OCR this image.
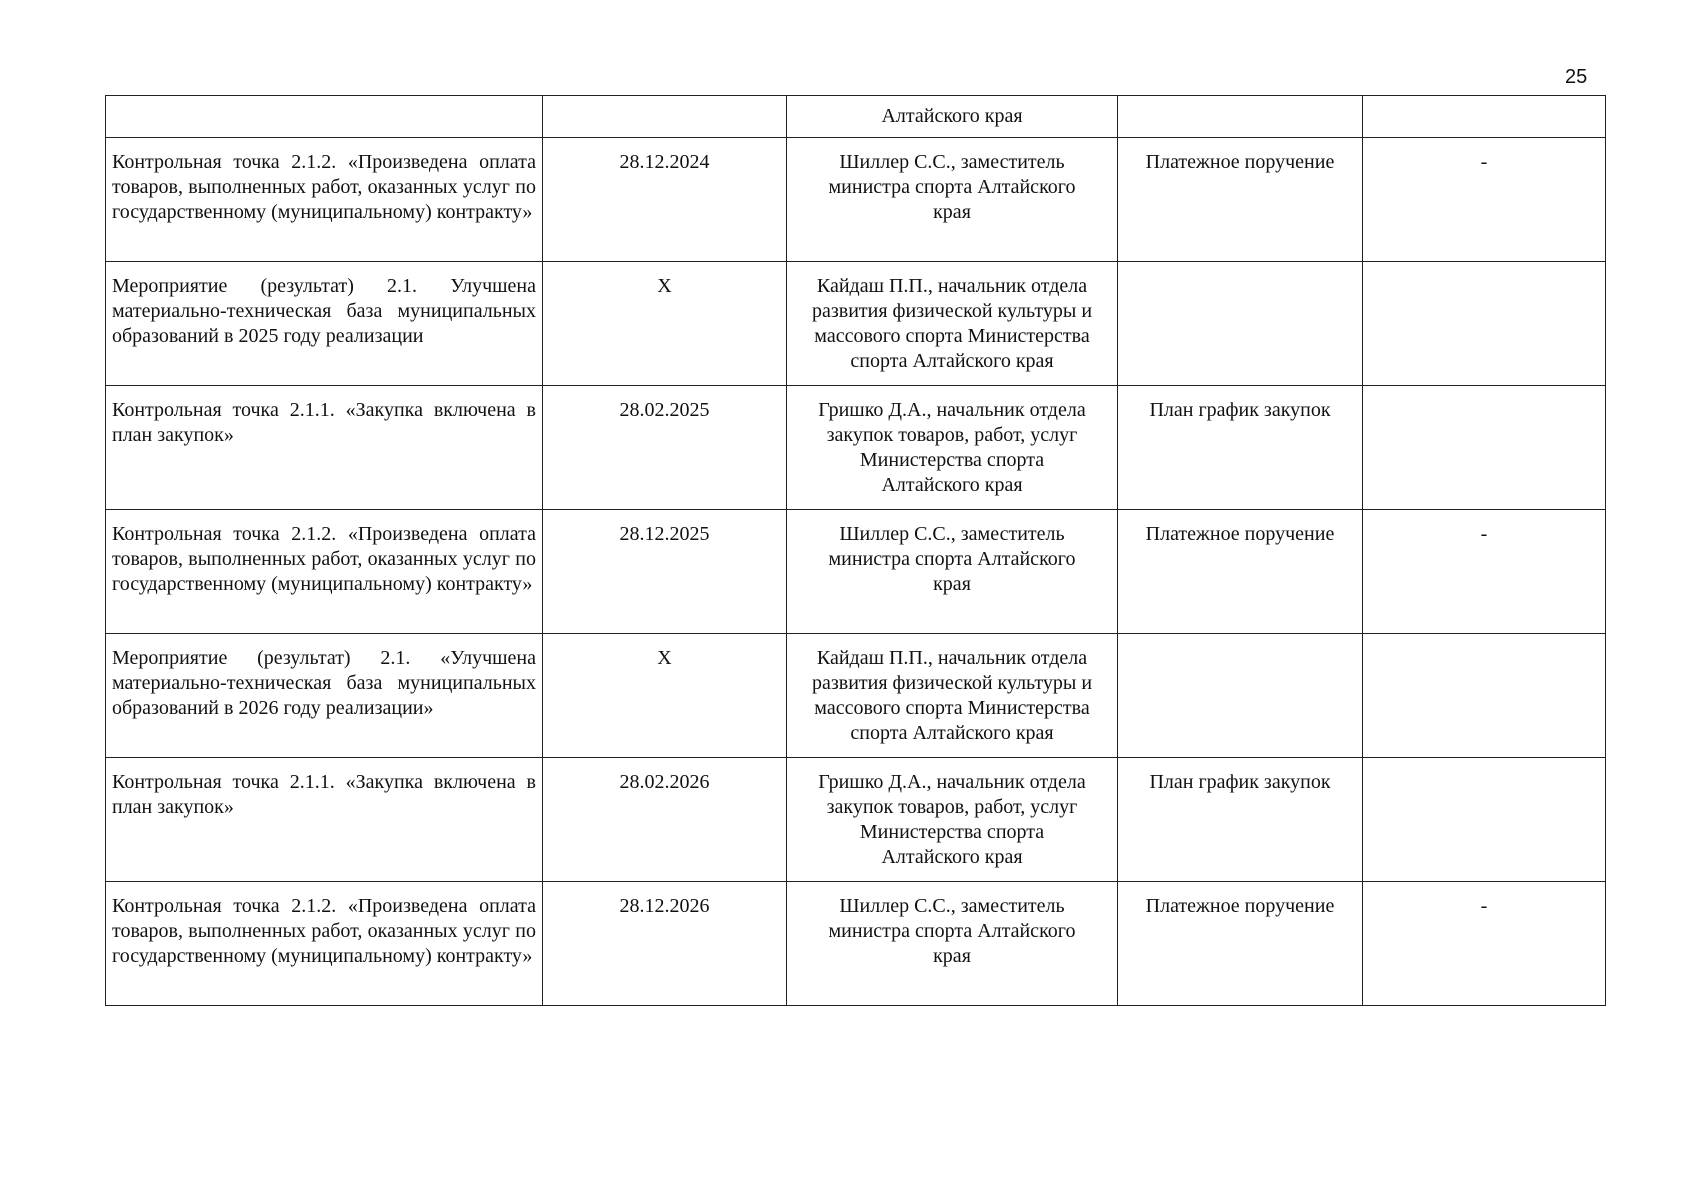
25
		Алтайского края		
Контрольная точка 2.1.2. «Произведена оплата товаров, выполненных работ, оказанных услуг по государственному (муниципальному) контракту»	28.12.2024	Шиллер С.С., заместитель
министра спорта Алтайского
края	Платежное поручение	-
Мероприятие (результат) 2.1. Улучшена материально-техническая база муниципальных образований в 2025 году реализации	X	Кайдаш П.П., начальник отдела
развития физической культуры и
массового спорта Министерства
спорта Алтайского края		

Контрольная точка 2.1.1. «Закупка включена в план закупок»	28.02.2025	Гришко Д.А., начальник отдела
закупок товаров, работ, услуг
Министерства спорта
Алтайского края	План график закупок	
Контрольная точка 2.1.2. «Произведена оплата товаров, выполненных работ, оказанных услуг по государственному (муниципальному) контракту»	28.12.2025	Шиллер С.С., заместитель
министра спорта Алтайского
края	Платежное поручение	-
Мероприятие (результат) 2.1. «Улучшена материально-техническая база муниципальных образований в 2026 году реализации»	X	Кайдаш П.П., начальник отдела
развития физической культуры и
массового спорта Министерства
спорта Алтайского края		

Контрольная точка 2.1.1. «Закупка включена в план закупок»	28.02.2026	Гришко Д.А., начальник отдела
закупок товаров, работ, услуг
Министерства спорта
Алтайского края	План график закупок	
Контрольная точка 2.1.2. «Произведена оплата товаров, выполненных работ, оказанных услуг по государственному (муниципальному) контракту»	28.12.2026	Шиллер С.С., заместитель
министра спорта Алтайского
края	Платежное поручение	-
